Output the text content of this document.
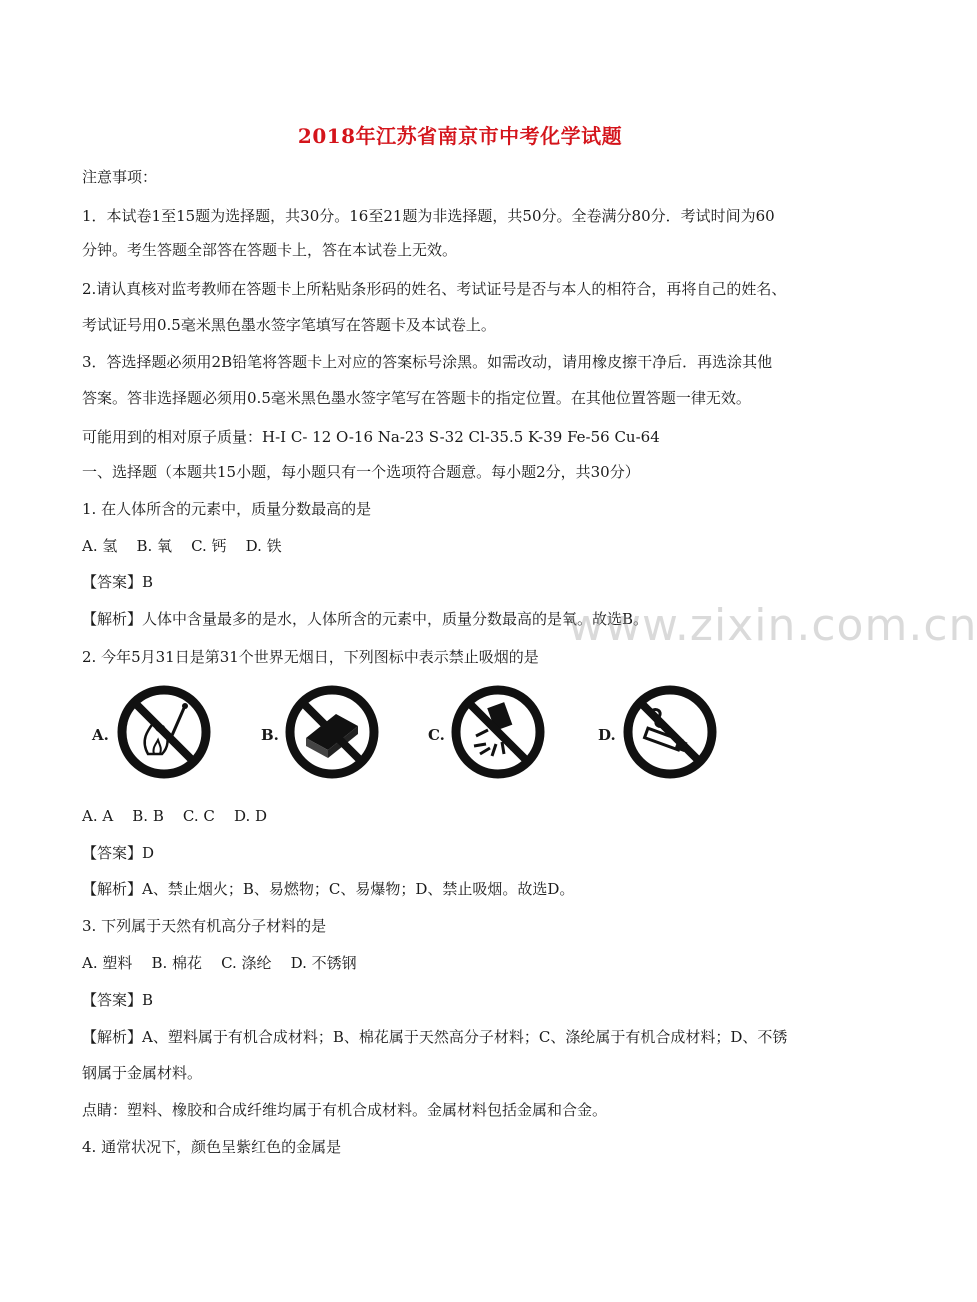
2018年江苏省南京市中考化学试题
注意事项：
1．本试卷1至15题为选择题，共30分。16至21题为非选择题，共50分。全卷满分80分．考试时间为60
分钟。考生答题全部答在答题卡上，答在本试卷上无效。
2.请认真核对监考教师在答题卡上所粘贴条形码的姓名、考试证号是否与本人的相符合，再将自己的姓名、
考试证号用0.5毫米黑色墨水签字笔填写在答题卡及本试卷上。
3．答选择题必须用2B铅笔将答题卡上对应的答案标号涂黑。如需改动，请用橡皮擦干净后．再选涂其他
答案。答非选择题必须用0.5毫米黑色墨水签字笔写在答题卡的指定位置。在其他位置答题一律无效。
可能用到的相对原子质量：H-I C- 12 O-16 Na-23 S-32 Cl-35.5 K-39 Fe-56 Cu-64
一、选择题（本题共15小题，每小题只有一个选项符合题意。每小题2分，共30分）
1. 在人体所含的元素中，质量分数最高的是
A. 氢    B. 氧    C. 钙    D. 铁
【答案】B
【解析】人体中含量最多的是水，人体所含的元素中，质量分数最高的是氧。故选B。
www.zixin.com.cn
2. 今年5月31日是第31个世界无烟日，下列图标中表示禁止吸烟的是
A.	B.	C.	D.
A. A    B. B    C. C    D. D
【答案】D
【解析】A、禁止烟火；B、易燃物；C、易爆物；D、禁止吸烟。故选D。
3. 下列属于天然有机高分子材料的是
A. 塑料    B. 棉花    C. 涤纶    D. 不锈钢
【答案】B
【解析】A、塑料属于有机合成材料；B、棉花属于天然高分子材料；C、涤纶属于有机合成材料；D、不锈
钢属于金属材料。
点睛：塑料、橡胶和合成纤维均属于有机合成材料。金属材料包括金属和合金。
4. 通常状况下，颜色呈紫红色的金属是
